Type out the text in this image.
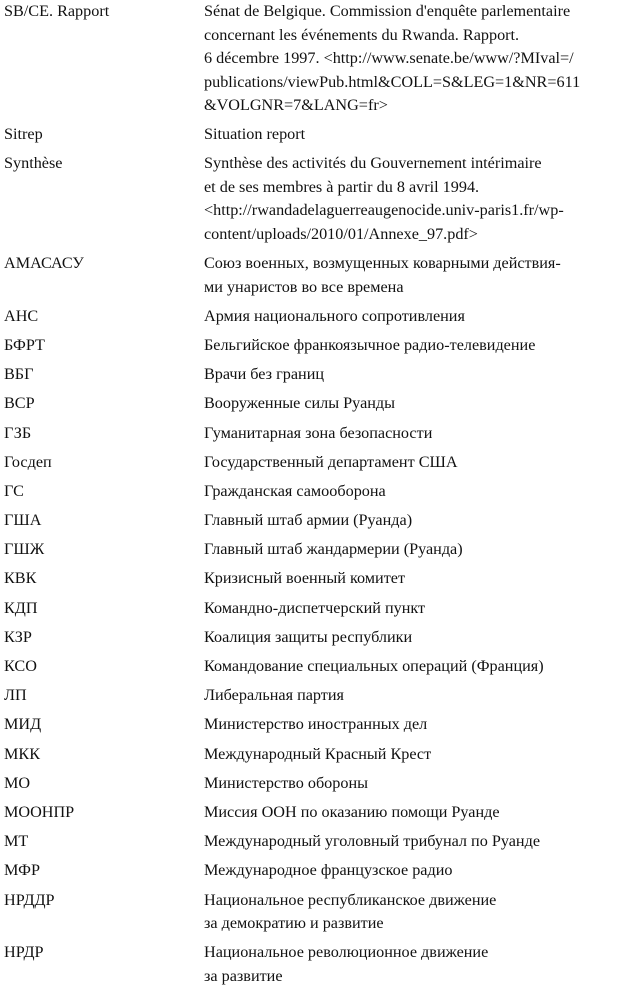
SB/CE. Rapport	Sénat de Belgique. Commission d'enquête parlementaire
concernant les événements du Rwanda. Rapport.
6 décembre 1997. <http://www.senate.be/www/?MIval=/
publications/viewPub.html&COLL=S&LEG=1&NR=611
&VOLGNR=7&LANG=fr>
Sitrep	Situation report
Synthèse	Synthèse des activités du Gouvernement intérimaire
et de ses membres à partir du 8 avril 1994.
<http://rwandadelaguerreaugenocide.univ-paris1.fr/wp-
content/uploads/2010/01/Annexe_97.pdf>
АМАСАСУ	Союз военных, возмущенных коварными действия-
ми унаристов во все времена
АНС	Армия национального сопротивления
БФРТ	Бельгийское франкоязычное радио-телевидение
ВБГ	Врачи без границ
ВСР	Вооруженные силы Руанды
ГЗБ	Гуманитарная зона безопасности
Госдеп	Государственный департамент США
ГС	Гражданская самооборона
ГША	Главный штаб армии (Руанда)
ГШЖ	Главный штаб жандармерии (Руанда)
КВК	Кризисный военный комитет
КДП	Командно-диспетчерский пункт
КЗР	Коалиция защиты республики
КСО	Командование специальных операций (Франция)
ЛП	Либеральная партия
МИД	Министерство иностранных дел
МКК	Международный Красный Крест
МО	Министерство обороны
МООНПР	Миссия ООН по оказанию помощи Руанде
МТ	Международный уголовный трибунал по Руанде
МФР	Международное французское радио
НРДДР	Национальное республиканское движение
за демократию и развитие
НРДР	Национальное революционное движение
за развитие
